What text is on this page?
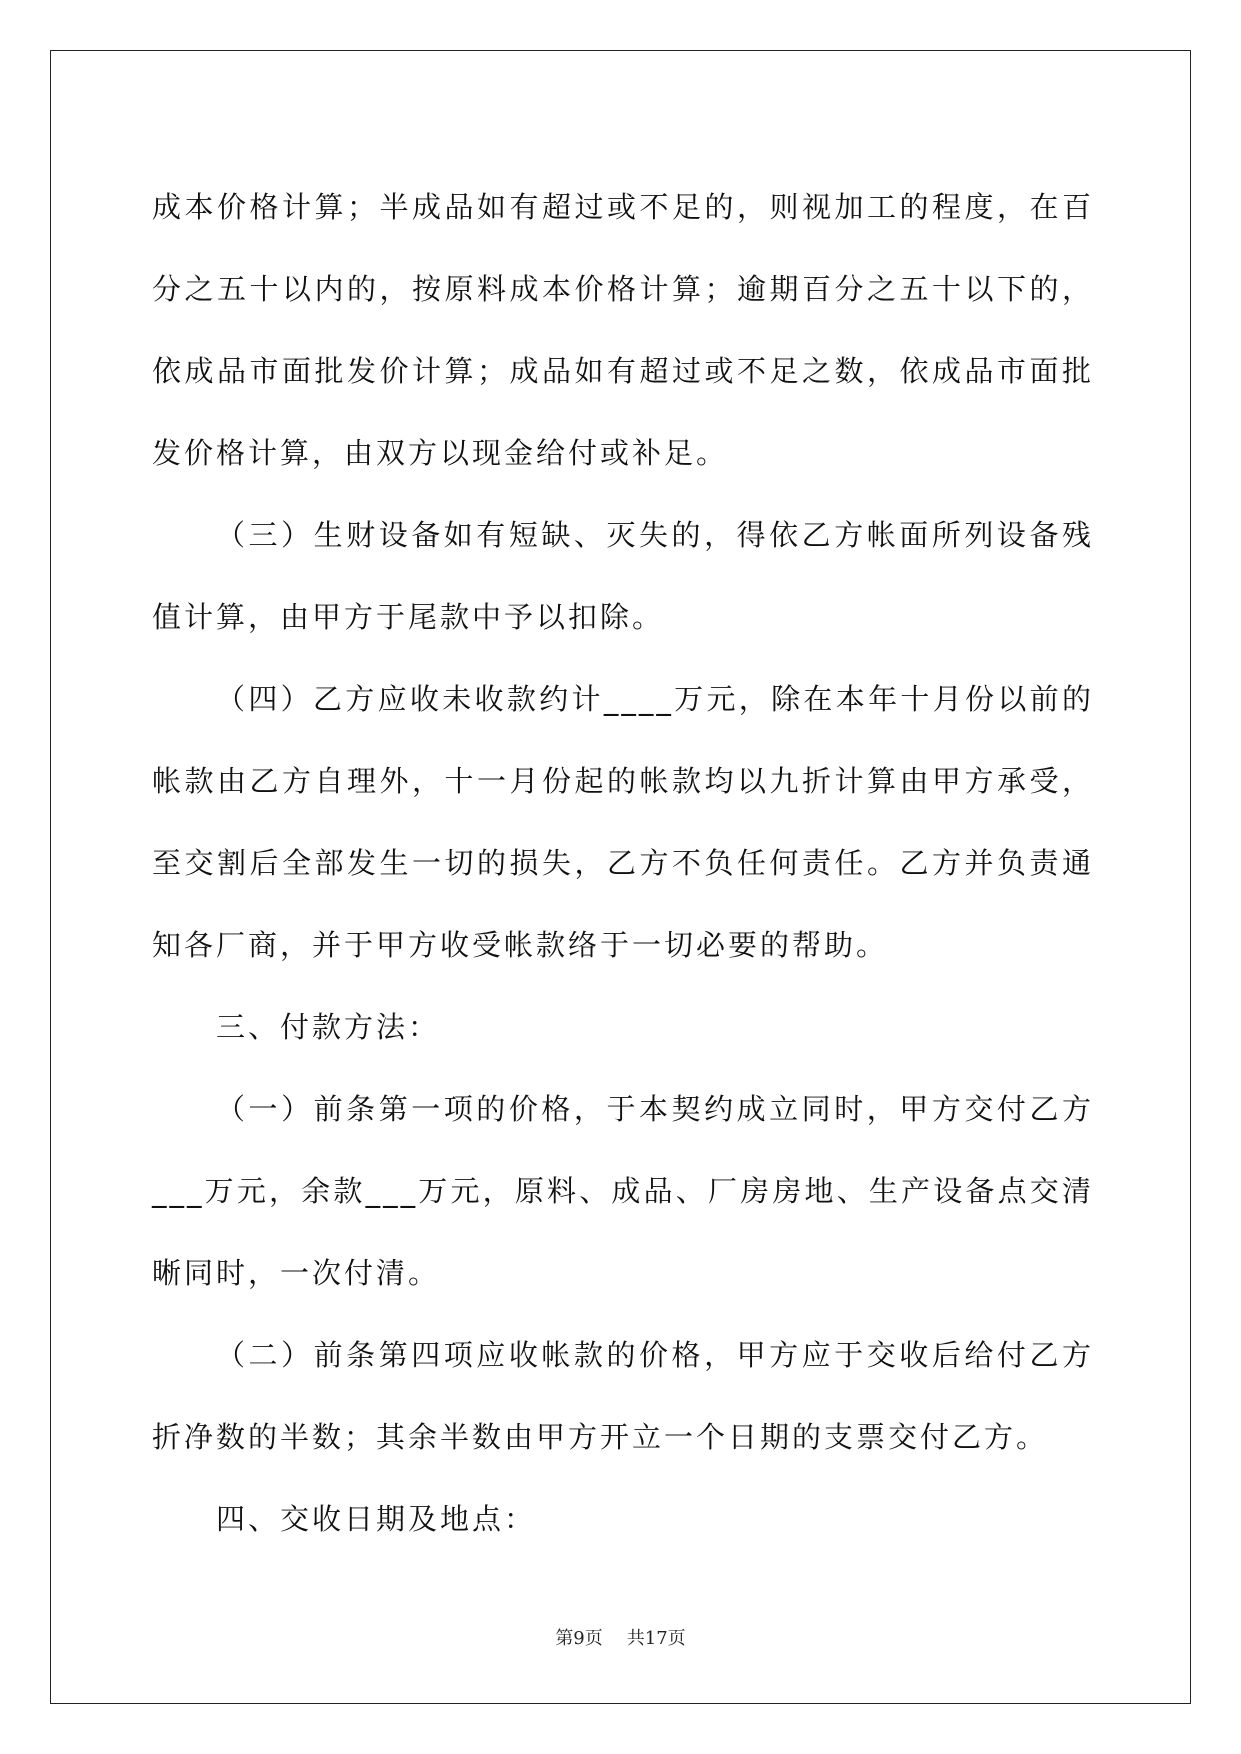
成本价格计算；半成品如有超过或不足的，则视加工的程度，在百分之五十以内的，按原料成本价格计算；逾期百分之五十以下的，依成品市面批发价计算；成品如有超过或不足之数，依成品市面批发价格计算，由双方以现金给付或补足。

（三）生财设备如有短缺、灭失的，得依乙方帐面所列设备残值计算，由甲方于尾款中予以扣除。

（四）乙方应收未收款约计____万元，除在本年十月份以前的帐款由乙方自理外，十一月份起的帐款均以九折计算由甲方承受，至交割后全部发生一切的损失，乙方不负任何责任。乙方并负责通知各厂商，并于甲方收受帐款络于一切必要的帮助。

三、付款方法：

（一）前条第一项的价格，于本契约成立同时，甲方交付乙方___万元，余款___万元，原料、成品、厂房房地、生产设备点交清晰同时，一次付清。

（二）前条第四项应收帐款的价格，甲方应于交收后给付乙方折净数的半数；其余半数由甲方开立一个日期的支票交付乙方。

四、交收日期及地点：

第9页 共17页
